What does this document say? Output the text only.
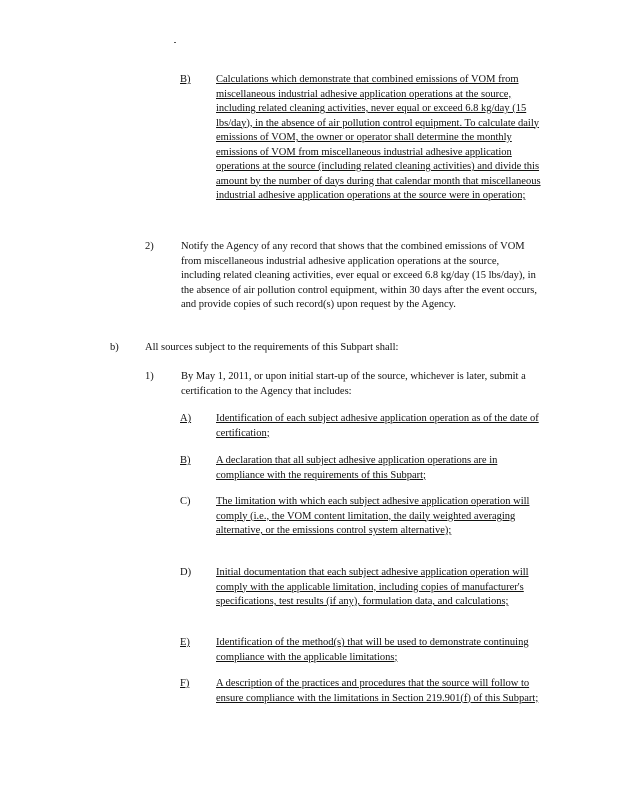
B) Calculations which demonstrate that combined emissions of VOM from miscellaneous industrial adhesive application operations at the source, including related cleaning activities, never equal or exceed 6.8 kg/day (15 lbs/day), in the absence of air pollution control equipment. To calculate daily emissions of VOM, the owner or operator shall determine the monthly emissions of VOM from miscellaneous industrial adhesive application operations at the source (including related cleaning activities) and divide this amount by the number of days during that calendar month that miscellaneous industrial adhesive application operations at the source were in operation;
2)	Notify the Agency of any record that shows that the combined emissions of VOM from miscellaneous industrial adhesive application operations at the source, including related cleaning activities, ever equal or exceed 6.8 kg/day (15 lbs/day), in the absence of air pollution control equipment, within 30 days after the event occurs, and provide copies of such record(s) upon request by the Agency.
b)	All sources subject to the requirements of this Subpart shall:
1)	By May 1, 2011, or upon initial start-up of the source, whichever is later, submit a certification to the Agency that includes:
A) Identification of each subject adhesive application operation as of the date of certification;
B) A declaration that all subject adhesive application operations are in compliance with the requirements of this Subpart;
C) The limitation with which each subject adhesive application operation will comply (i.e., the VOM content limitation, the daily weighted averaging alternative, or the emissions control system alternative);
D) Initial documentation that each subject adhesive application operation will comply with the applicable limitation, including copies of manufacturer's specifications, test results (if any), formulation data, and calculations;
E) Identification of the method(s) that will be used to demonstrate continuing compliance with the applicable limitations;
F)	A description of the practices and procedures that the source will follow to ensure compliance with the limitations in Section 219.901(f) of this Subpart;
